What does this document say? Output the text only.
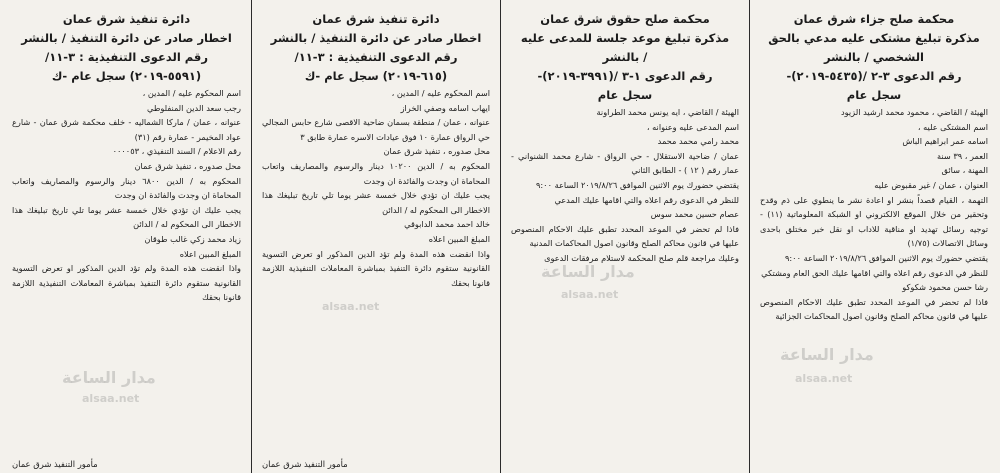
محكمة صلح جزاء شرق عمان

مذكرة تبليغ مشتكى عليه مدعي بالحق

الشخصي / بالنشر

رقم الدعوى ٣-٢ /(٥٤٣٥-٢٠١٩)-

سجل عام

الهيئة / القاضي ، محمود محمد ارشيد الزيود

اسم المشتكى عليه ،

اسامه عمر ابراهيم الباش

العمر ، ٣٩ سنة

المهنة ، سائق

العنوان ، عمان / غير مقبوض عليه

التهمة ، القيام قصداً بنشر او اعادة نشر ما ينطوي على ذم وقدح وتحقير من خلال الموقع الالكتروني او الشبكة المعلوماتية (١١) - توجيه رسائل تهديد او مناقية للاداب او نقل خبر مختلق باحدى وسائل الاتصالات (١/٧٥)

يقتضي حضورك يوم الاثنين الموافق ٢٠١٩/٨/٢٦ الساعة ٩:٠٠

للنظر في الدعوى رقم اعلاه والتي اقامها عليك الحق العام ومشتكي

رشا حسن محمود شكوكو

فاذا لم تحضر في الموعد المحدد تطبق عليك الاحكام المنصوص عليها في قانون محاكم الصلح وقانون اصول المحاكمات الجزائية

مدار الساعة
alsaa.net

محكمة صلح حقوق شرق عمان

مذكرة تبليغ موعد جلسة للمدعى عليه

/ بالنشر

رقم الدعوى ١-٣ /(٣٩٩١-٢٠١٩)-

سجل عام

الهيئة / القاضي ، ايه يونس محمد الطراونة

اسم المدعى عليه وعنوانه ،

محمد رامي محمد محمد

عمان / ضاحية الاستقلال - حي الرواق - شارع محمد الشنواني - عمار رقم ( ١٢ ) - الطابق الثاني

يقتضي حضورك يوم الاثنين الموافق ٢٠١٩/٨/٢٦ الساعة ٩:٠٠

للنظر في الدعوى رقم اعلاه والتي اقامها عليك المدعي

عصام حسين محمد سوس

فاذا لم تحضر في الموعد المحدد تطبق عليك الاحكام المنصوص عليها في قانون محاكم الصلح وقانون اصول المحاكمات المدنية

وعليك مراجعة قلم صلح المحكمة لاستلام مرفقات الدعوى

مدار الساعة
alsaa.net

دائرة تنفيذ شرق عمان

اخطار صادر عن دائرة التنفيذ / بالنشر

رقم الدعوى التنفيذية : ٣-١١/

(٦١٥-٢٠١٩) سجل عام -ك

اسم المحكوم عليه / المدين ،

ايهاب اسامه وصفي الخراز

عنوانه ، عمان / منطقة بسمان ضاحية الاقصى شارع حابس المجالي حي الرواق عمارة ١٠ فوق عيادات الاسره عمارة طابق ٣

محل صدوره ، تنفيذ شرق عمان

المحكوم به / الدين ١٠٢٠٠ دينار والرسوم والمصاريف واتعاب المحاماة ان وجدت والفائدة ان وجدت

يجب عليك ان تؤدي خلال خمسة عشر يوما تلي تاريخ تبليغك هذا الاخطار الى المحكوم له / الدائن

خالد احمد محمد الدابوقي

المبلغ المبين اعلاه

واذا انقضت هذه المدة ولم تؤد الدين المذكور او تعرض التسوية القانونية ستقوم دائرة التنفيذ بمباشرة المعاملات التنفيذية اللازمة قانونا بحقك

مأمور التنفيذ شرق عمان
alsaa.net

دائرة تنفيذ شرق عمان

اخطار صادر عن دائرة التنفيذ / بالنشر

رقم الدعوى التنفيذية : ٣-١١/

(٥٥٩١-٢٠١٩) سجل عام -ك

اسم المحكوم عليه / المدين ،

رجب سعد الدين المنفلوطي

عنوانه ، عمان / ماركا الشماليه - خلف محكمة شرق عمان - شارع عواد المخيمر - عمارة رقم (٣١)

رقم الاعلام / السند التنفيذي ، ٠٠٠٠٥٣

محل صدوره ، تنفيذ شرق عمان

المحكوم به / الدين ٦٨٠٠ دينار والرسوم والمصاريف واتعاب المحاماة ان وجدت والفائدة ان وجدت

يجب عليك ان تؤدي خلال خمسة عشر يوما تلي تاريخ تبليغك هذا الاخطار الى المحكوم له / الدائن

زياد محمد زكي غالب طوقان

المبلغ المبين اعلاه

واذا انقضت هذه المدة ولم تؤد الدين المذكور او تعرض التسوية القانونية ستقوم دائرة التنفيذ بمباشرة المعاملات التنفيذية اللازمة قانونا بحقك

مأمور التنفيذ شرق عمان
مدار الساعة
alsaa.net
